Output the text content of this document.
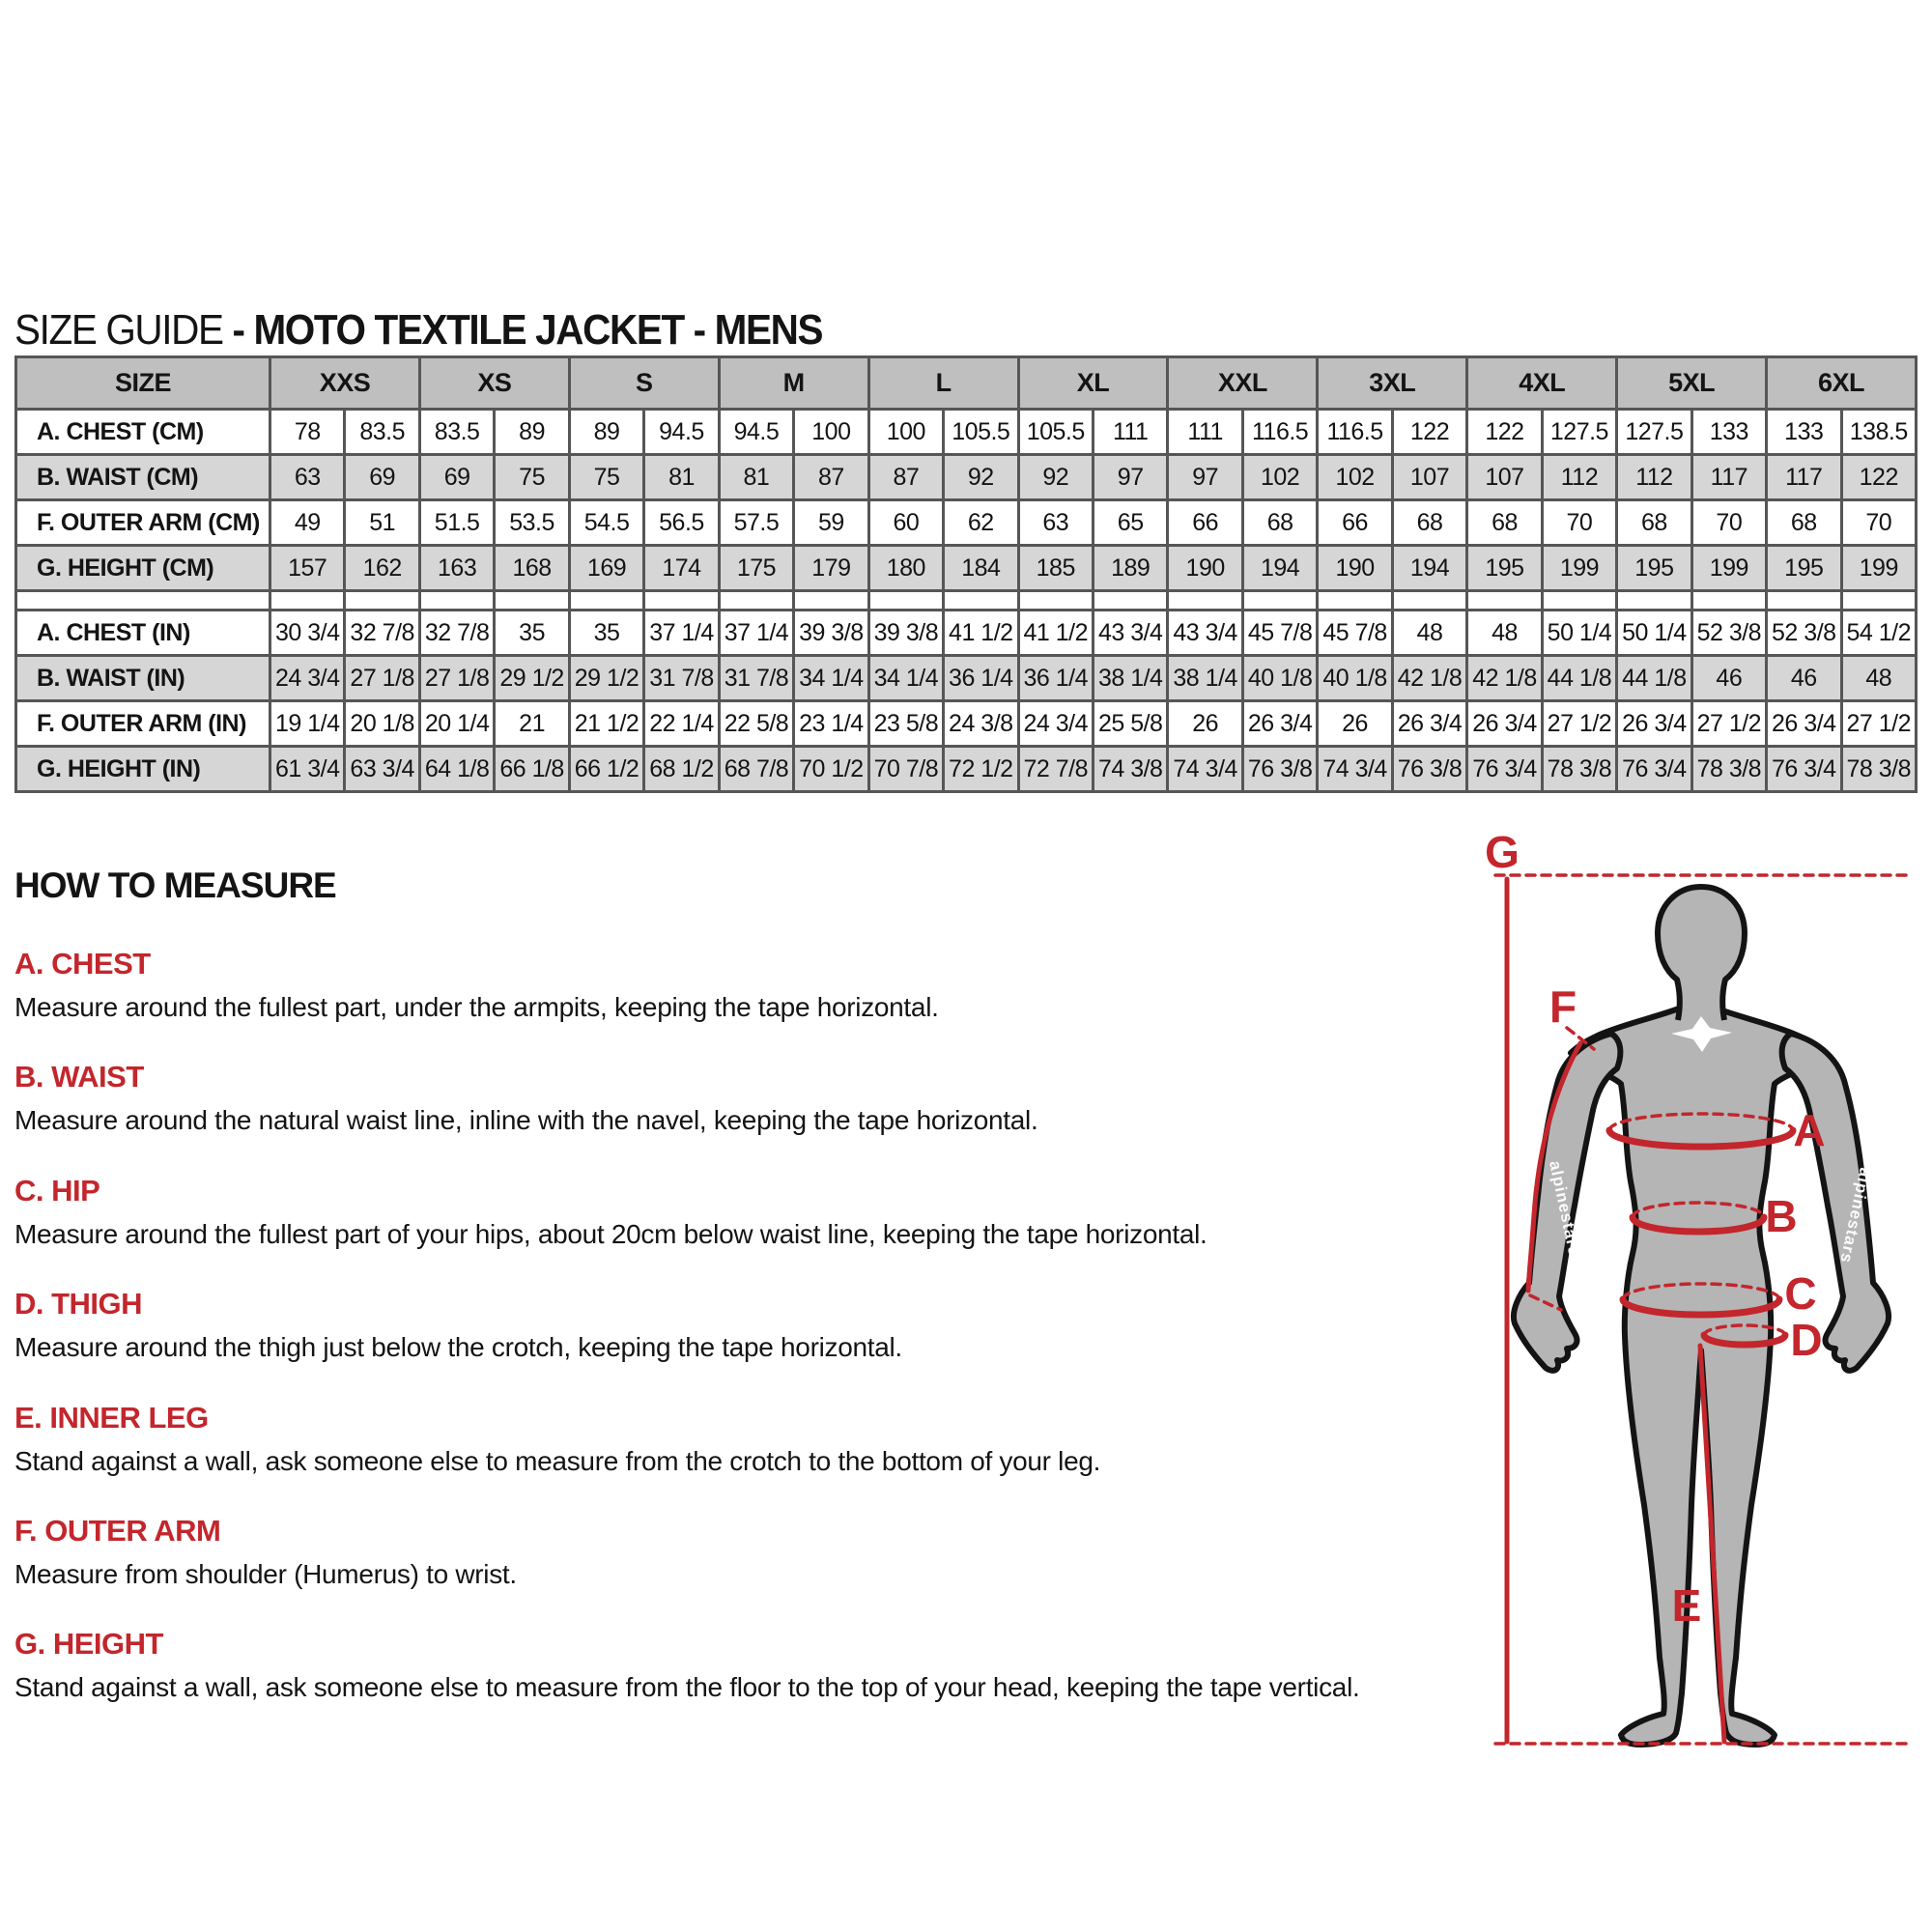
SIZE GUIDE - MOTO TEXTILE JACKET - MENS
SIZE	XXS		XS		S		M		L		XL		XXL		3XL		4XL		5XL		6XL	
A. CHEST (CM)	78	83.5	83.5	89	89	94.5	94.5	100	100	105.5	105.5	111	111	116.5	116.5	122	122	127.5	127.5	133	133	138.5
B. WAIST (CM)	63	69	69	75	75	81	81	87	87	92	92	97	97	102	102	107	107	112	112	117	117	122
F. OUTER ARM (CM)	49	51	51.5	53.5	54.5	56.5	57.5	59	60	62	63	65	66	68	66	68	68	70	68	70	68	70
G. HEIGHT (CM)	157	162	163	168	169	174	175	179	180	184	185	189	190	194	190	194	195	199	195	199	195	199

A. CHEST (IN)	30 3/4	32 7/8	32 7/8	35	35	37 1/4	37 1/4	39 3/8	39 3/8	41 1/2	41 1/2	43 3/4	43 3/4	45 7/8	45 7/8	48	48	50 1/4	50 1/4	52 3/8	52 3/8	54 1/2
B. WAIST (IN)	24 3/4	27 1/8	27 1/8	29 1/2	29 1/2	31 7/8	31 7/8	34 1/4	34 1/4	36 1/4	36 1/4	38 1/4	38 1/4	40 1/8	40 1/8	42 1/8	42 1/8	44 1/8	44 1/8	46	46	48
F. OUTER ARM (IN)	19 1/4	20 1/8	20 1/4	21	21 1/2	22 1/4	22 5/8	23 1/4	23 5/8	24 3/8	24 3/4	25 5/8	26	26 3/4	26	26 3/4	26 3/4	27 1/2	26 3/4	27 1/2	26 3/4	27 1/2
G. HEIGHT (IN)	61 3/4	63 3/4	64 1/8	66 1/8	66 1/2	68 1/2	68 7/8	70 1/2	70 7/8	72 1/2	72 7/8	74 3/8	74 3/4	76 3/8	74 3/4	76 3/8	76 3/4	78 3/8	76 3/4	78 3/8	76 3/4	78 3/8
HOW TO MEASURE
A. CHEST

Measure around the fullest part, under the armpits, keeping the tape horizontal.

B. WAIST

Measure around the natural waist line, inline with the navel, keeping the tape horizontal.

C. HIP

Measure around the fullest part of your hips, about 20cm below waist line, keeping the tape horizontal.

D. THIGH

Measure around the thigh just below the crotch, keeping the tape horizontal.

E. INNER LEG

Stand against a wall, ask someone else to measure from the crotch to the bottom of your leg.

F. OUTER ARM

Measure from shoulder (Humerus) to wrist.

G. HEIGHT

Stand against a wall, ask someone else to measure from the floor to the top of your head, keeping the tape vertical.

alpinestars	alpinestars
G
F
A
B
C
D
E
